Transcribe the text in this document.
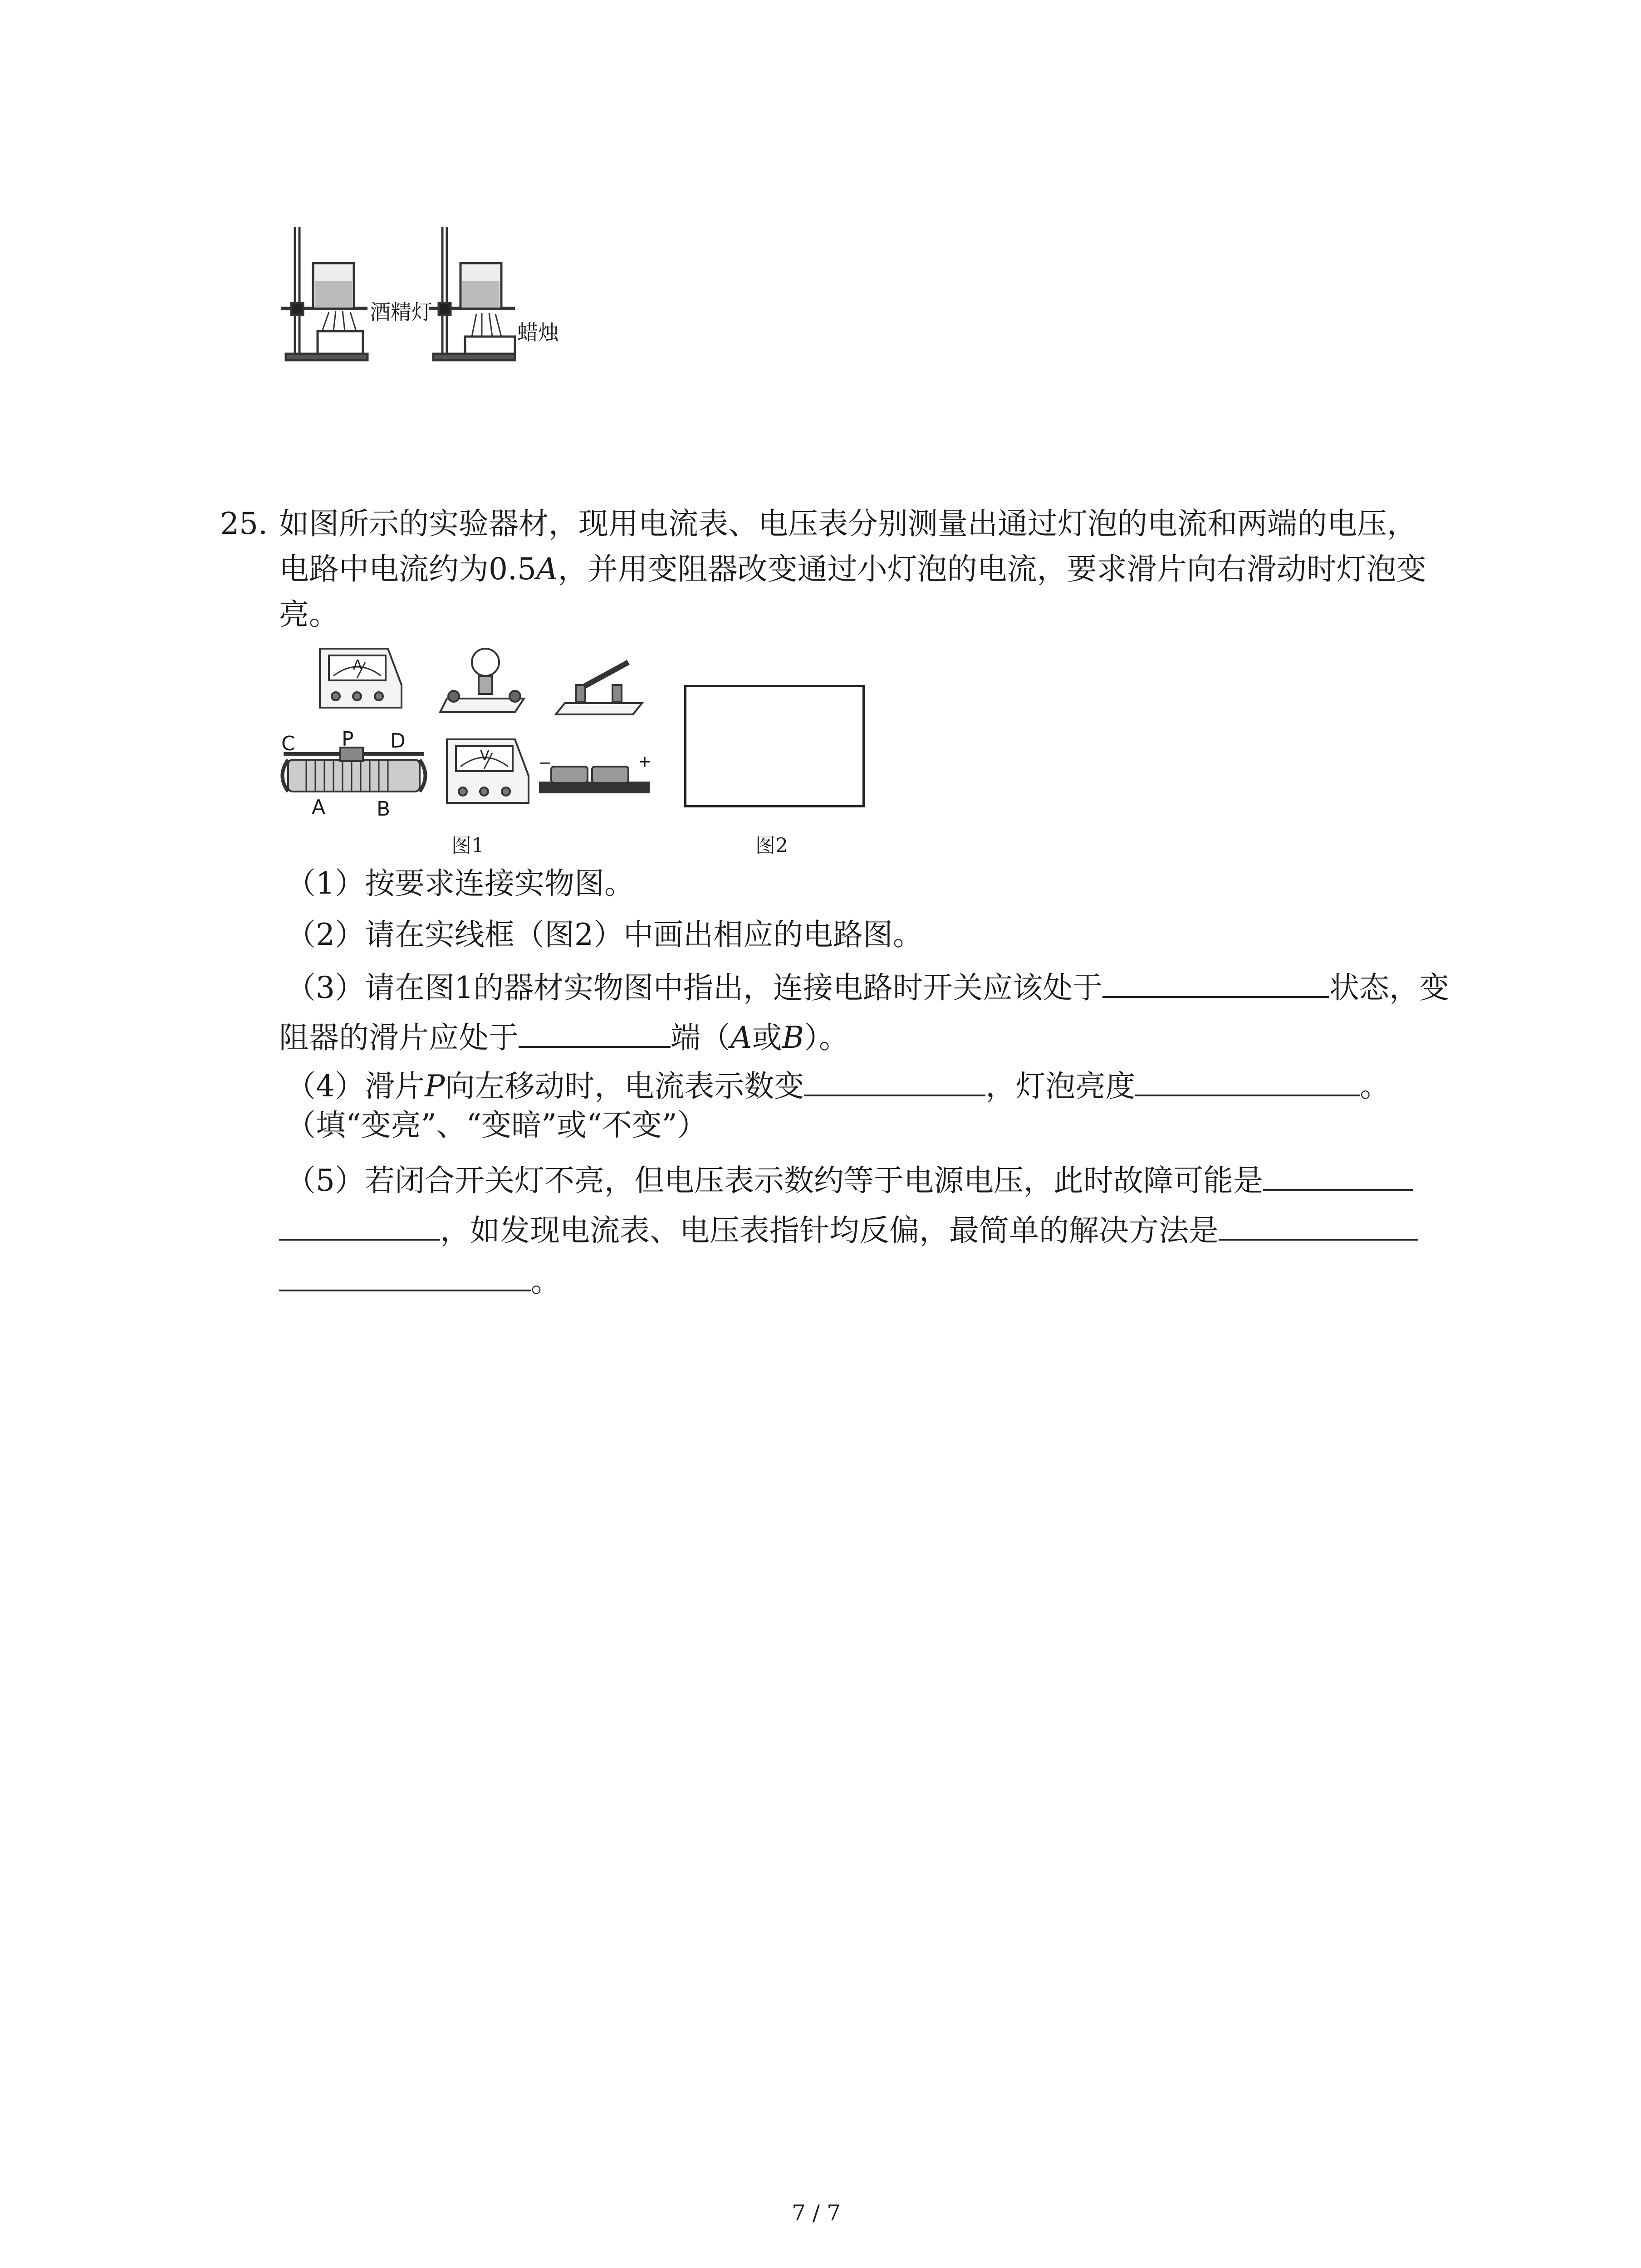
酒精灯
蜡烛
25. 如图所示的实验器材，现用电流表、电压表分别测量出通过灯泡的电流和两端的电压，
电路中电流约为0.5A，并用变阻器改变通过小灯泡的电流，要求滑片向右滑动时灯泡变
亮。
A
V	−	+
C P D
A	B
图1	图2
（1）按要求连接实物图。
（2）请在实线框（图2）中画出相应的电路图。
（3）请在图1的器材实物图中指出，连接电路时开关应该处于	状态，变
阻器的滑片应处于	端（A或B）。
（4）滑片P向左移动时，电流表示数变	，灯泡亮度	。
（填“变亮”、“变暗”或“不变”）
（5）若闭合开关灯不亮，但电压表示数约等于电源电压，此时故障可能是
，如发现电流表、电压表指针均反偏，最简单的解决方法是
。
7 / 7
